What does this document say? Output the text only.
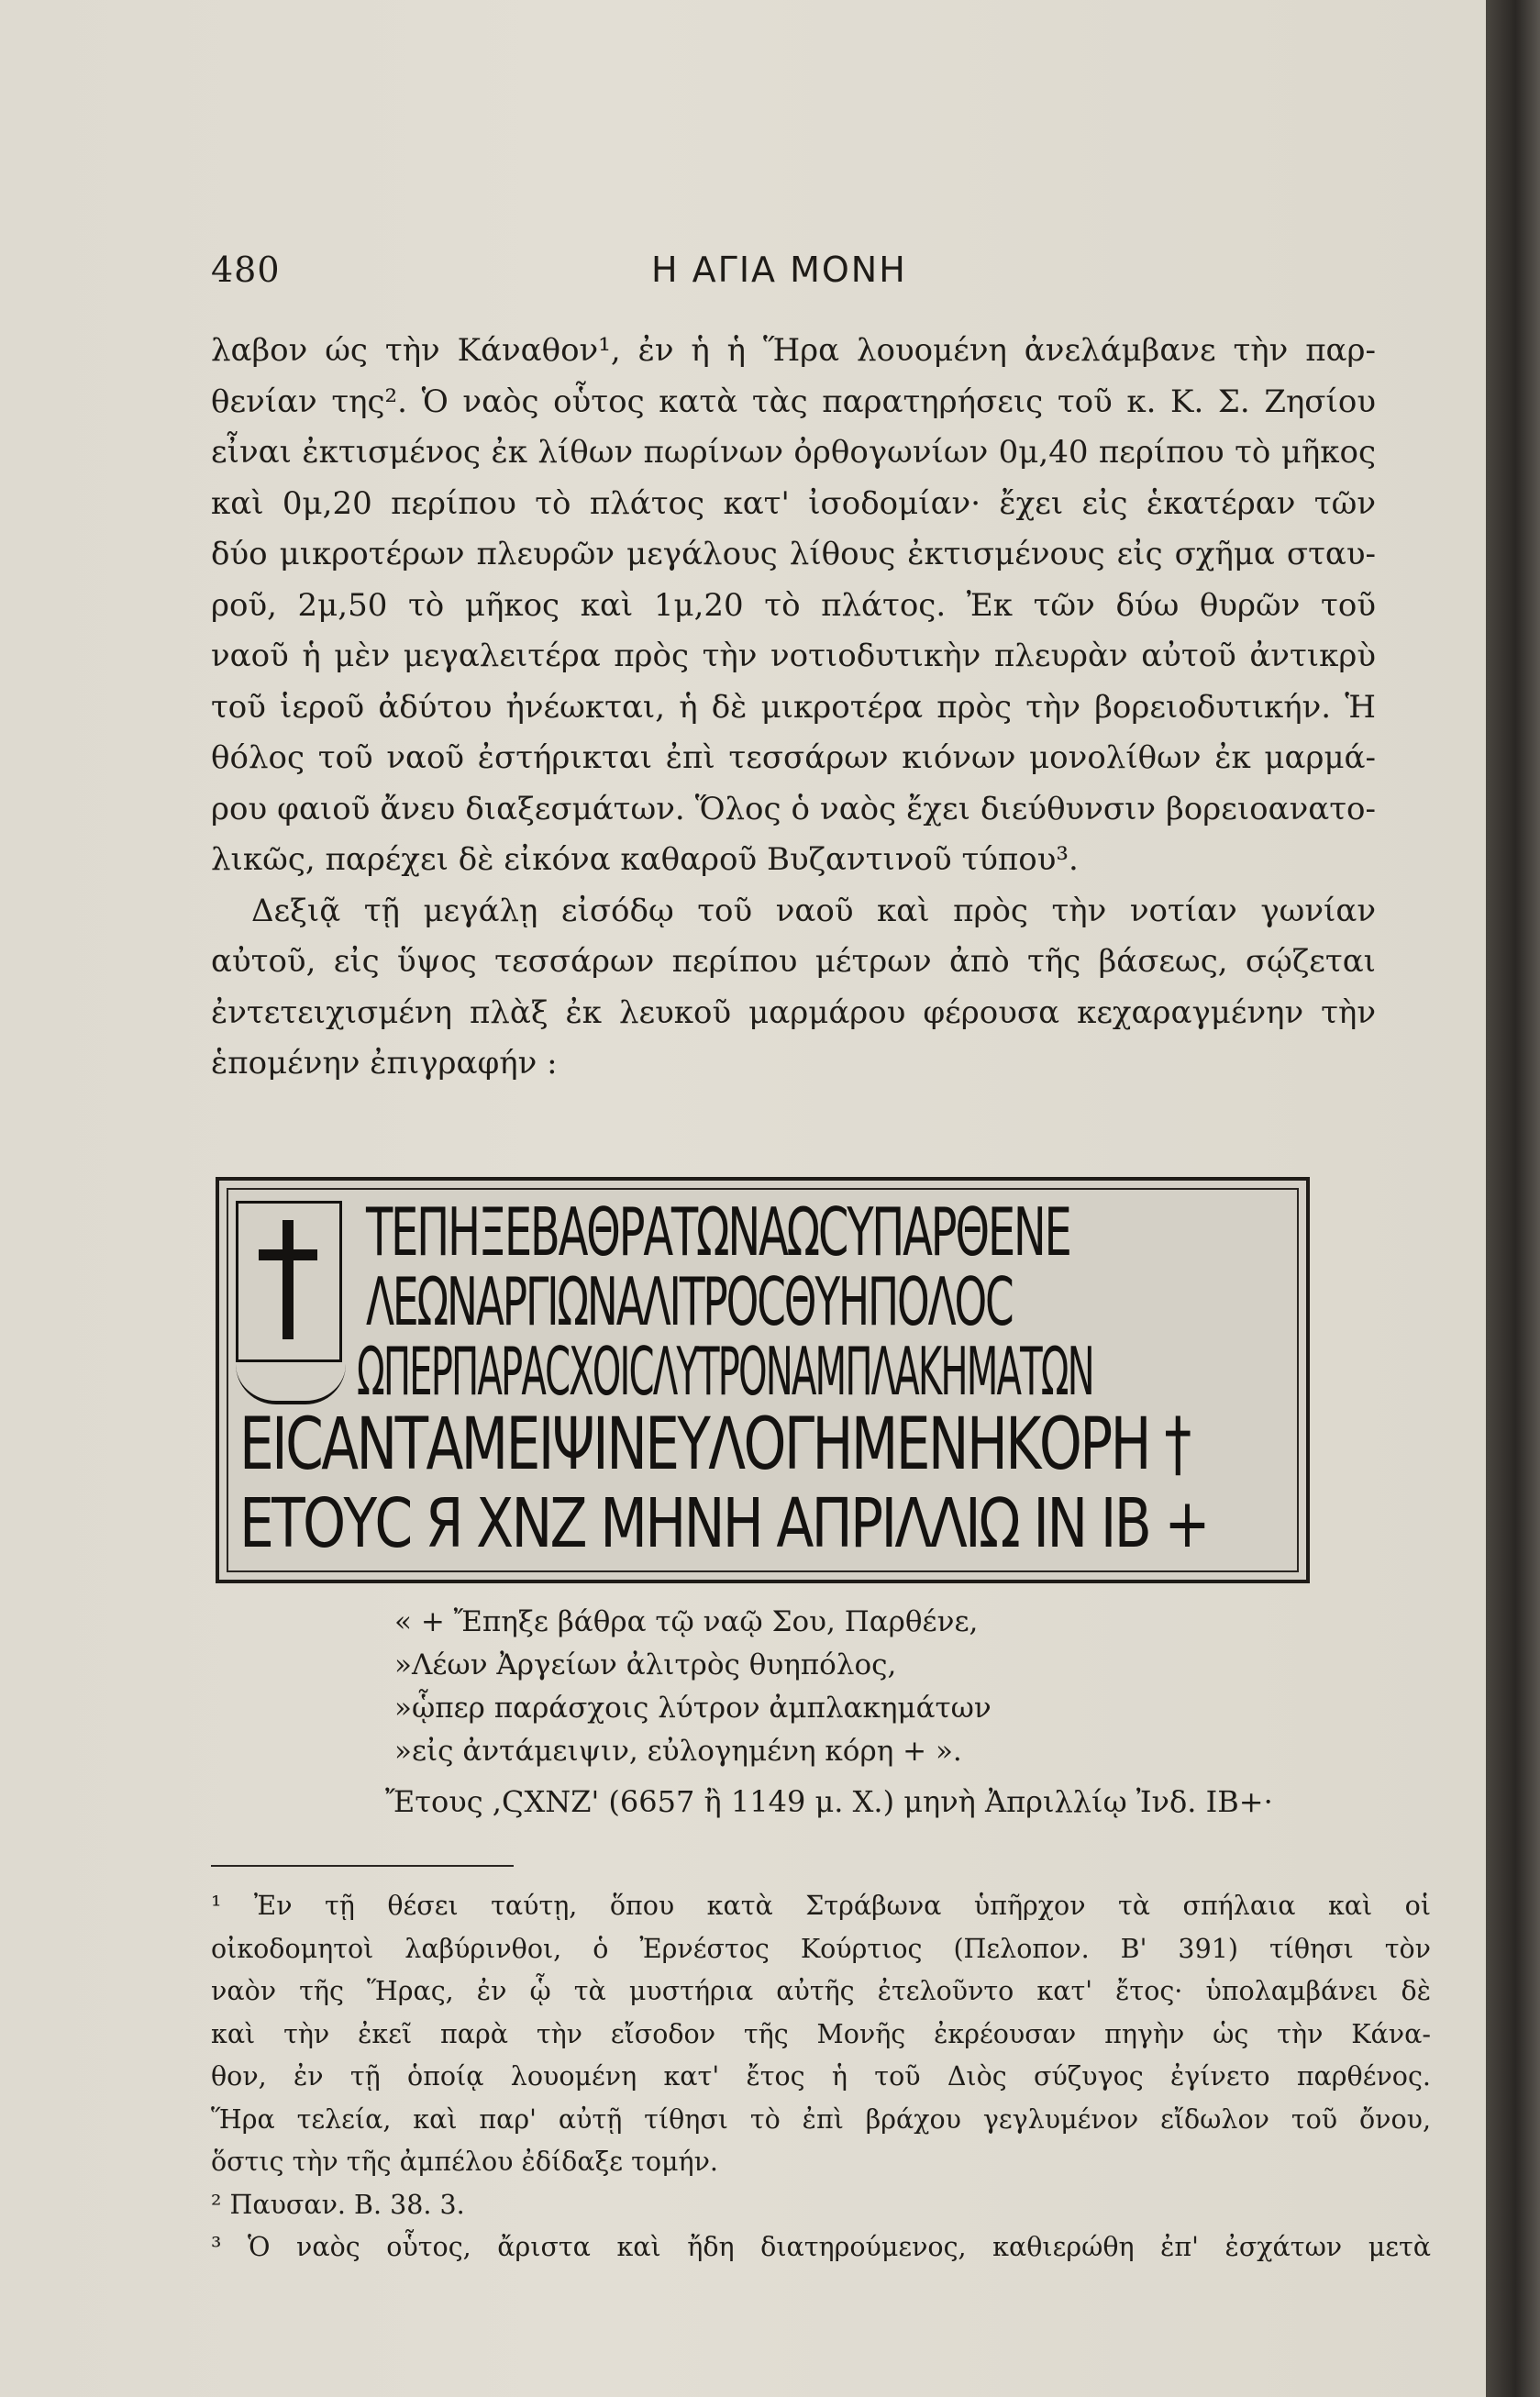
480	Η ΑΓΙΑ ΜΟΝΗ
λαβον ώς τὴν Κάναθον¹, ἐν ἡ ἡ Ἥρα λουομένη ἀνελάμβανε τὴν παρ-
θενίαν της². Ὁ ναὸς οὗτος κατὰ τὰς παρατηρήσεις τοῦ κ. Κ. Σ. Ζησίου
εἶναι ἐκτισμένος ἐκ λίθων πωρίνων ὀρθογωνίων 0μ,40 περίπου τὸ μῆκος
καὶ 0μ,20 περίπου τὸ πλάτος κατ' ἰσοδομίαν· ἔχει εἰς ἑκατέραν τῶν
δύο μικροτέρων πλευρῶν μεγάλους λίθους ἐκτισμένους εἰς σχῆμα σταυ-
ροῦ, 2μ,50 τὸ μῆκος καὶ 1μ,20 τὸ πλάτος. Ἐκ τῶν δύω θυρῶν τοῦ
ναοῦ ἡ μὲν μεγαλειτέρα πρὸς τὴν νοτιοδυτικὴν πλευρὰν αὐτοῦ ἀντικρὺ
τοῦ ἱεροῦ ἀδύτου ἠνέωκται, ἡ δὲ μικροτέρα πρὸς τὴν βορειοδυτικήν. Ἡ
θόλος τοῦ ναοῦ ἐστήρικται ἐπὶ τεσσάρων κιόνων μονολίθων ἐκ μαρμά-
ρου φαιοῦ ἄνευ διαξεσμάτων. Ὅλος ὁ ναὸς ἔχει διεύθυνσιν βορειοανατο-
λικῶς, παρέχει δὲ εἰκόνα καθαροῦ Βυζαντινοῦ τύπου³.
Δεξιᾷ τῇ μεγάλῃ εἰσόδῳ τοῦ ναοῦ καὶ πρὸς τὴν νοτίαν γωνίαν
αὐτοῦ, εἰς ὕψος τεσσάρων περίπου μέτρων ἀπὸ τῆς βάσεως, σῴζεται
ἐντετειχισμένη πλὰξ ἐκ λευκοῦ μαρμάρου φέρουσα κεχαραγμένην τὴν
ἑπομένην ἐπιγραφήν :
ΤΕΠΗΞΕΒΑΘΡΑΤΩΝΑΩCΥΠΑΡΘΕΝΕ
ΛΕΩΝΑΡΓΙΩΝΑΛΙΤΡΟCΘΥΗΠΟΛΟC
ΩΠΕΡΠΑΡΑCΧΟΙCΛΥΤΡΟΝΑΜΠΛΑΚΗΜΑΤΩΝ
ΕΙCΑΝΤΑΜΕΙΨΙΝΕΥΛΟΓΗΜΕΝΗΚΟΡΗ †
ΕΤΟΥC Я ΧΝΖ ΜΗΝΗ ΑΠΡΙΛΛΙΩ ΙΝ ΙΒ +
« + Ἔπηξε βάθρα τῷ ναῷ Σου, Παρθένε,
»Λέων Ἀργείων ἀλιτρὸς θυηπόλος,
»ᾧπερ παράσχοις λύτρον ἀμπλακημάτων
»εἰς ἀντάμειψιν, εὐλογημένη κόρη + ».
Ἔτους ,ϚΧΝΖ' (6657 ἢ 1149 μ. Χ.) μηνὴ Ἀπριλλίῳ Ἰνδ. ΙΒ+·
¹ Ἐν τῇ θέσει ταύτῃ, ὅπου κατὰ Στράβωνα ὑπῆρχον τὰ σπήλαια καὶ οἱ
οἰκοδομητοὶ λαβύρινθοι, ὁ Ἐρνέστος Κούρτιος (Πελοπον. Β' 391) τίθησι τὸν
ναὸν τῆς Ἥρας, ἐν ᾧ τὰ μυστήρια αὐτῆς ἐτελοῦντο κατ' ἔτος· ὑπολαμβάνει δὲ
καὶ τὴν ἐκεῖ παρὰ τὴν εἴσοδον τῆς Μονῆς ἐκρέουσαν πηγὴν ὡς τὴν Κάνα-
θον, ἐν τῇ ὁποίᾳ λουομένη κατ' ἔτος ἡ τοῦ Διὸς σύζυγος ἐγίνετο παρθένος.
Ἥρα τελεία, καὶ παρ' αὐτῇ τίθησι τὸ ἐπὶ βράχου γεγλυμένον εἴδωλον τοῦ ὄνου,
ὅστις τὴν τῆς ἀμπέλου ἐδίδαξε τομήν.
² Παυσαν. Β. 38. 3.
³ Ὁ ναὸς οὗτος, ἄριστα καὶ ἤδη διατηρούμενος, καθιερώθη ἐπ' ἐσχάτων μετὰ
